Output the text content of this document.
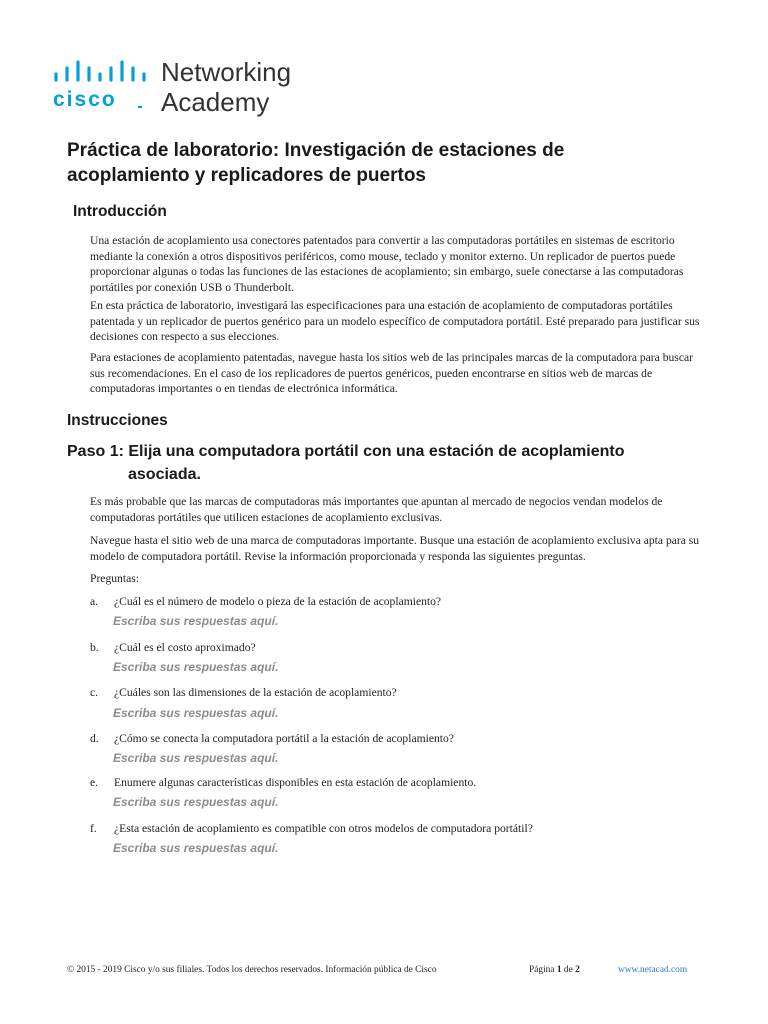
cisco
Networking
Academy
Práctica de laboratorio: Investigación de estaciones de acoplamiento y replicadores de puertos
Introducción

Una estación de acoplamiento usa conectores patentados para convertir a las computadoras portátiles en sistemas de escritorio mediante la conexión a otros dispositivos periféricos, como mouse, teclado y monitor externo. Un replicador de puertos puede proporcionar algunas o todas las funciones de las estaciones de acoplamiento; sin embargo, suele conectarse a las computadoras portátiles por conexión USB o Thunderbolt.

En esta práctica de laboratorio, investigará las especificaciones para una estación de acoplamiento de computadoras portátiles patentada y un replicador de puertos genérico para un modelo específico de computadora portátil. Esté preparado para justificar sus decisiones con respecto a sus elecciones.

Para estaciones de acoplamiento patentadas, navegue hasta los sitios web de las principales marcas de la computadora para buscar sus recomendaciones. En el caso de los replicadores de puertos genéricos, pueden encontrarse en sitios web de marcas de computadoras importantes o en tiendas de electrónica informática.

Instrucciones
Paso 1: Elija una computadora portátil con una estación de acoplamiento
asociada.

Es más probable que las marcas de computadoras más importantes que apuntan al mercado de negocios vendan modelos de computadoras portátiles que utilicen estaciones de acoplamiento exclusivas.

Navegue hasta el sitio web de una marca de computadoras importante. Busque una estación de acoplamiento exclusiva apta para su modelo de computadora portátil. Revise la información proporcionada y responda las siguientes preguntas.

Preguntas:

a. ¿Cuál es el número de modelo o pieza de la estación de acoplamiento?
Escriba sus respuestas aquí.
b. ¿Cuál es el costo aproximado?
Escriba sus respuestas aquí.
c. ¿Cuáles son las dimensiones de la estación de acoplamiento?
Escriba sus respuestas aquí.
d. ¿Cómo se conecta la computadora portátil a la estación de acoplamiento?
Escriba sus respuestas aquí.
e. Enumere algunas características disponibles en esta estación de acoplamiento.
Escriba sus respuestas aquí.
f. ¿Esta estación de acoplamiento es compatible con otros modelos de computadora portátil?
Escriba sus respuestas aquí.
© 2015 - 2019 Cisco y/o sus filiales. Todos los derechos reservados. Información pública de Cisco	Página 1 de 2	www.netacad.com
